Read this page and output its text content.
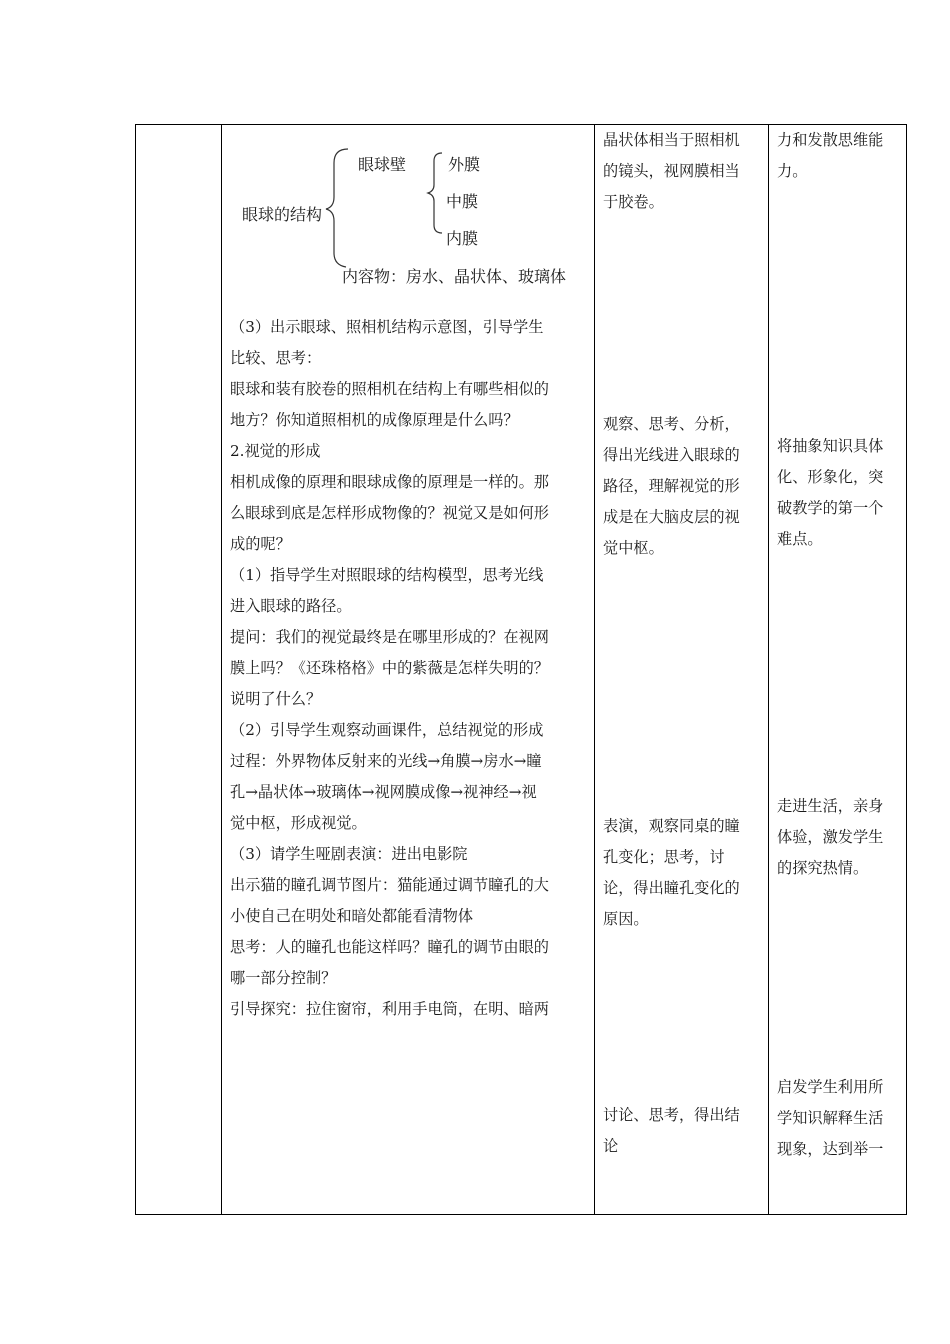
眼球的结构
眼球壁	外膜
中膜
内膜
内容物：房水、晶状体、玻璃体

（3）出示眼球、照相机结构示意图，引导学生

比较、思考：

眼球和装有胶卷的照相机在结构上有哪些相似的

地方？你知道照相机的成像原理是什么吗？

2.视觉的形成

相机成像的原理和眼球成像的原理是一样的。那

么眼球到底是怎样形成物像的？视觉又是如何形

成的呢？

（1）指导学生对照眼球的结构模型，思考光线

进入眼球的路径。

提问：我们的视觉最终是在哪里形成的？在视网

膜上吗？《还珠格格》中的紫薇是怎样失明的？

说明了什么？

（2）引导学生观察动画课件，总结视觉的形成

过程：外界物体反射来的光线→角膜→房水→瞳

孔→晶状体→玻璃体→视网膜成像→视神经→视

觉中枢，形成视觉。

（3）请学生哑剧表演：进出电影院

出示猫的瞳孔调节图片：猫能通过调节瞳孔的大

小使自己在明处和暗处都能看清物体

思考：人的瞳孔也能这样吗？瞳孔的调节由眼的

哪一部分控制？

引导探究：拉住窗帘，利用手电筒，在明、暗两

晶状体相当于照相机

的镜头，视网膜相当

于胶卷。

观察、思考、分析，

得出光线进入眼球的

路径，理解视觉的形

成是在大脑皮层的视

觉中枢。

表演，观察同桌的瞳

孔变化；思考，讨

论，得出瞳孔变化的

原因。

讨论、思考，得出结

论

力和发散思维能

力。

将抽象知识具体

化、形象化，突

破教学的第一个

难点。

走进生活，亲身

体验，激发学生

的探究热情。

启发学生利用所

学知识解释生活

现象，达到举一
